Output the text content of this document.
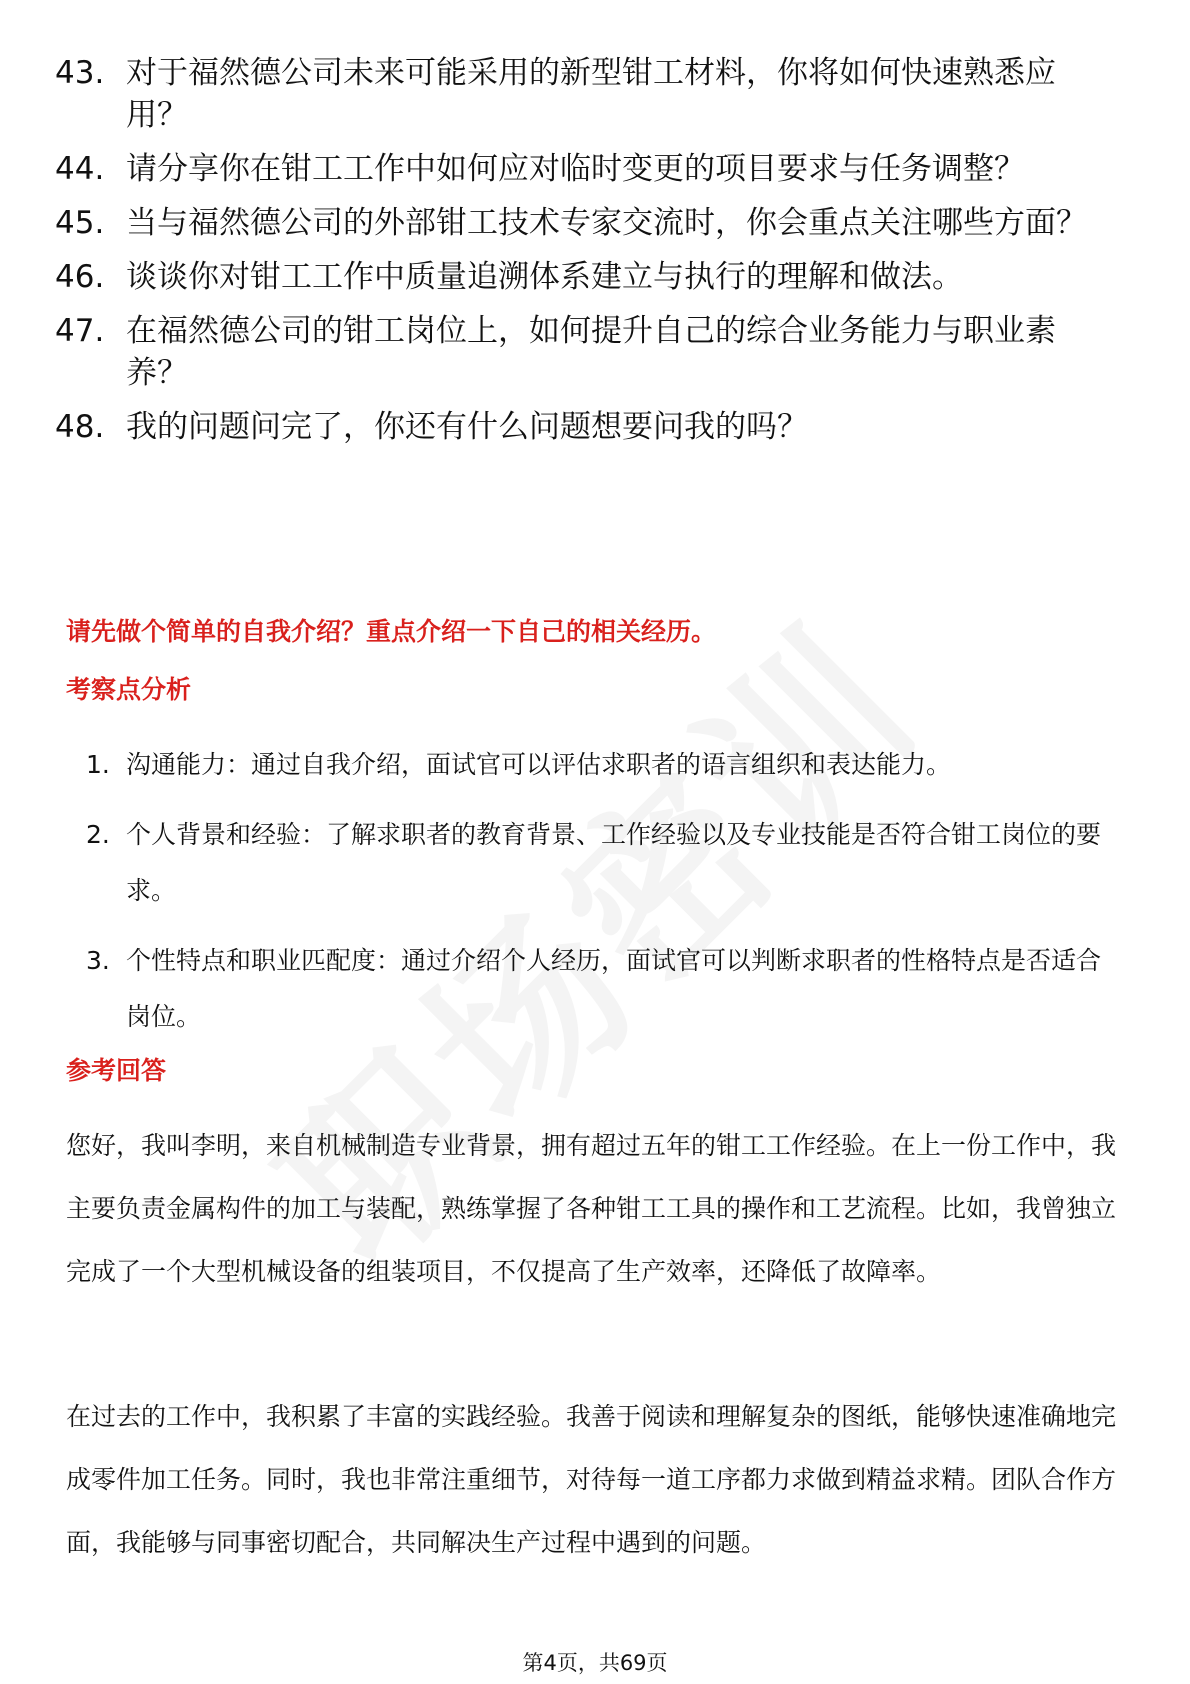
43. 对于福然德公司未来可能采用的新型钳工材料，你将如何快速熟悉应用？
44. 请分享你在钳工工作中如何应对临时变更的项目要求与任务调整？
45. 当与福然德公司的外部钳工技术专家交流时，你会重点关注哪些方面？
46. 谈谈你对钳工工作中质量追溯体系建立与执行的理解和做法。
47. 在福然德公司的钳工岗位上，如何提升自己的综合业务能力与职业素养？
48. 我的问题问完了，你还有什么问题想要问我的吗？
请先做个简单的自我介绍？重点介绍一下自己的相关经历。
考察点分析
1. 沟通能力：通过自我介绍，面试官可以评估求职者的语言组织和表达能力。
2. 个人背景和经验：了解求职者的教育背景、工作经验以及专业技能是否符合钳工岗位的要求。
3. 个性特点和职业匹配度：通过介绍个人经历，面试官可以判断求职者的性格特点是否适合岗位。
参考回答
您好，我叫李明，来自机械制造专业背景，拥有超过五年的钳工工作经验。在上一份工作中，我主要负责金属构件的加工与装配，熟练掌握了各种钳工工具的操作和工艺流程。比如，我曾独立完成了一个大型机械设备的组装项目，不仅提高了生产效率，还降低了故障率。
在过去的工作中，我积累了丰富的实践经验。我善于阅读和理解复杂的图纸，能够快速准确地完成零件加工任务。同时，我也非常注重细节，对待每一道工序都力求做到精益求精。团队合作方面，我能够与同事密切配合，共同解决生产过程中遇到的问题。
第4页，共69页
